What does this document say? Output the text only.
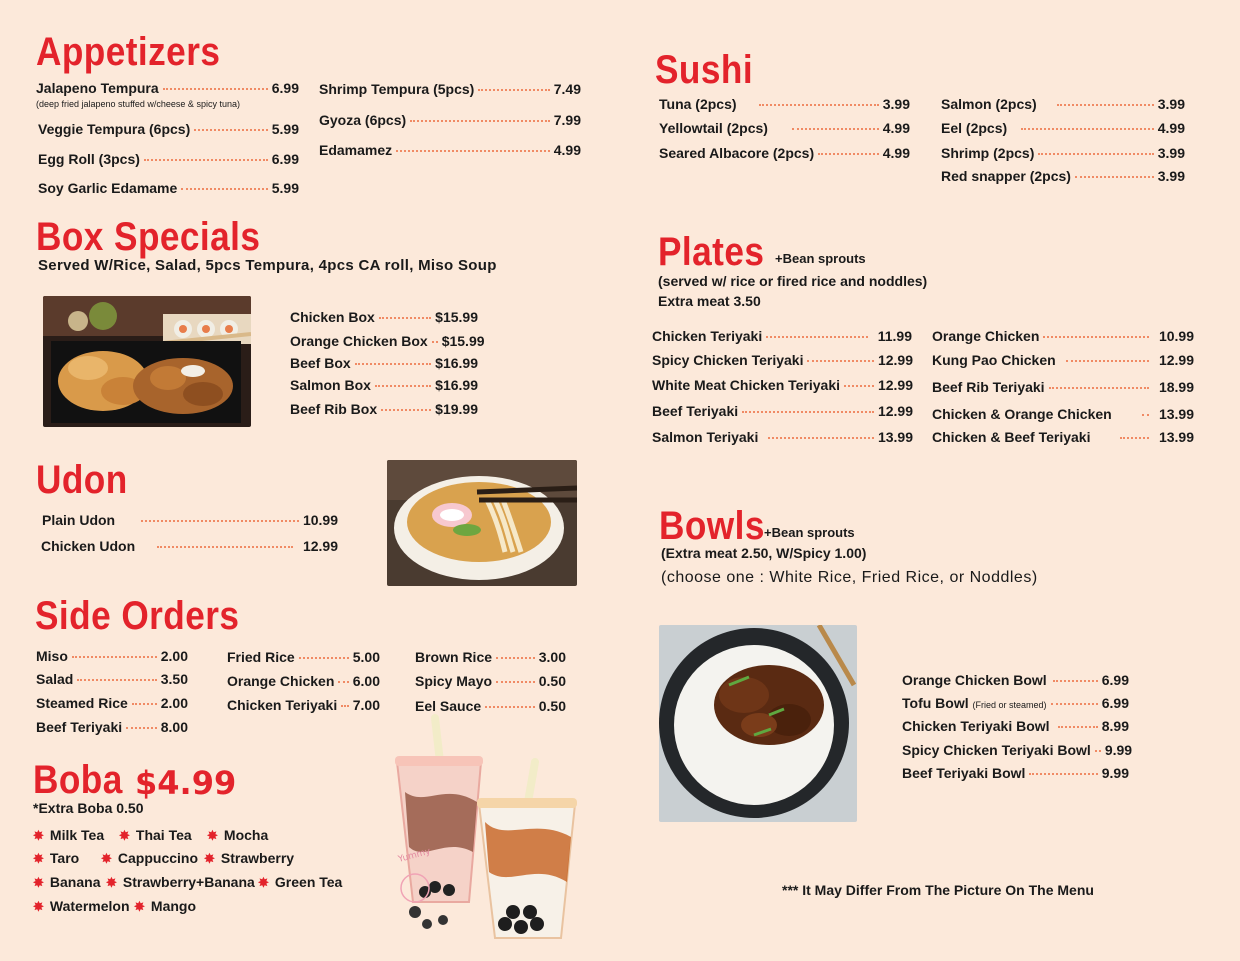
Appetizers
Jalapeno Tempura	6.99
(deep fried jalapeno stuffed w/cheese & spicy tuna)
Veggie Tempura (6pcs)	5.99
Egg Roll (3pcs)	6.99
Soy Garlic Edamame	5.99
Shrimp Tempura (5pcs)	7.49
Gyoza (6pcs)	7.99
Edamamez	4.99
Box Specials
Served W/Rice, Salad, 5pcs Tempura, 4pcs CA roll, Miso Soup
Chicken Box	$15.99
Orange Chicken Box $15.99
Beef Box	$16.99
Salmon Box	$16.99
Beef Rib Box	$19.99
Udon
Plain Udon	10.99
Chicken Udon	12.99
Side Orders
Miso	2.00
Salad	3.50
Steamed Rice 2.00
Beef Teriyaki	8.00
Fried Rice	5.00
Orange Chicken 6.00
Chicken Teriyaki 7.00
Brown Rice	3.00
Spicy Mayo	0.50
Eel Sauce	0.50
Boba $4.99
*Extra Boba 0.50
✸ Milk Tea ✸ Thai Tea ✸ Mocha
✸ Taro ✸ Cappuccino ✸ Strawberry
✸ Banana ✸ Strawberry+Banana ✸ Green Tea
✸ Watermelon ✸ Mango
Yummy
Sushi
Tuna (2pcs)	3.99
Yellowtail (2pcs)	4.99
Seared Albacore (2pcs)	4.99
Salmon (2pcs)	3.99
Eel (2pcs)	4.99
Shrimp (2pcs)	3.99
Red snapper (2pcs)	3.99
Plates +Bean sprouts
(served w/ rice or fired rice and noddles)
Extra meat 3.50
Chicken Teriyaki	11.99
Spicy Chicken Teriyaki	12.99
White Meat Chicken Teriyaki	12.99
Beef Teriyaki	12.99
Salmon Teriyaki	13.99
Orange Chicken	10.99
Kung Pao Chicken	12.99
Beef Rib Teriyaki	18.99
Chicken & Orange Chicken	13.99
Chicken & Beef Teriyaki	13.99
Bowls +Bean sprouts
(Extra meat 2.50, W/Spicy 1.00)
(choose one : White Rice, Fried Rice, or Noddles)
Orange Chicken Bowl	6.99
Tofu Bowl (Fried or steamed)	6.99
Chicken Teriyaki Bowl	8.99
Spicy Chicken Teriyaki Bowl 9.99
Beef Teriyaki Bowl	9.99
*** It May Differ From The Picture On The Menu
